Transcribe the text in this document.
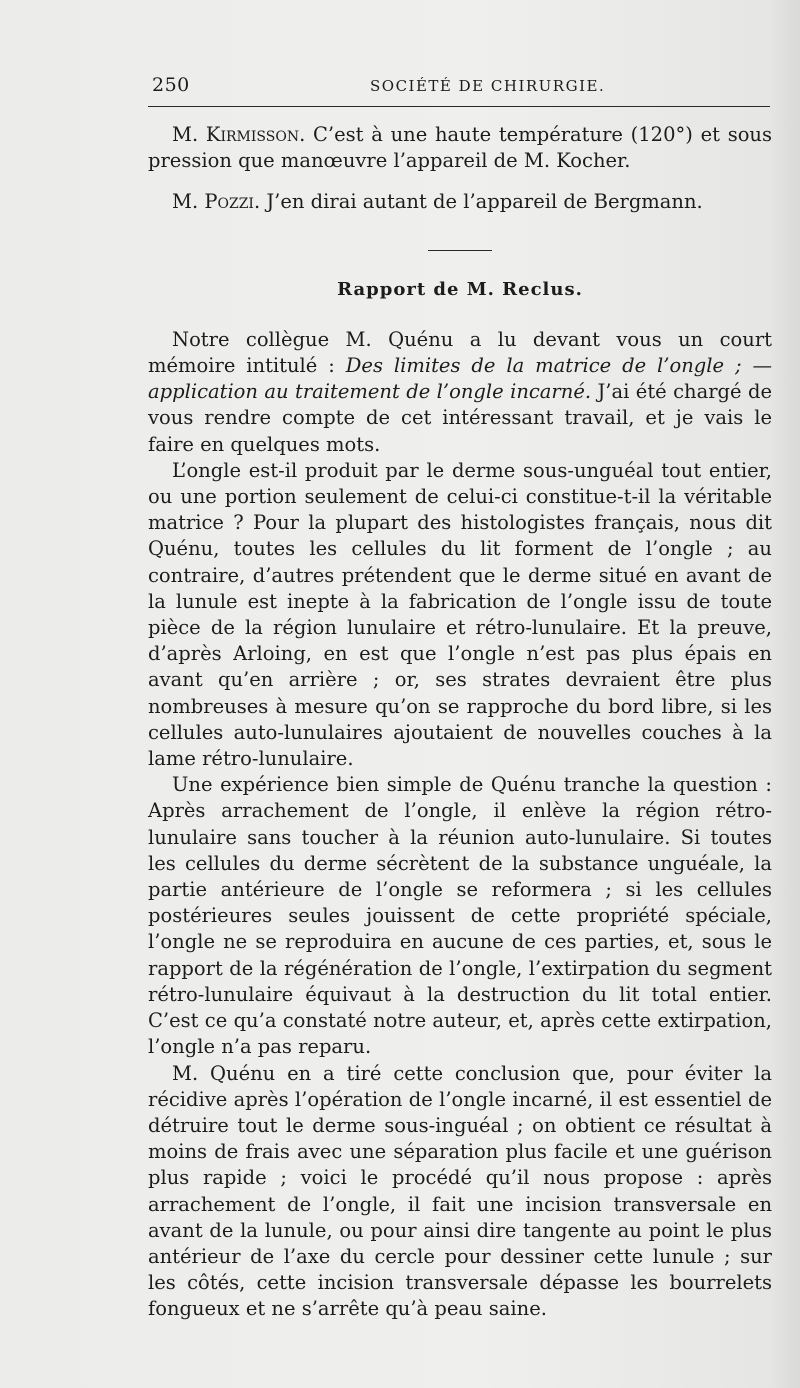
250	SOCIÉTÉ DE CHIRURGIE.

M. Kirmisson. C’est à une haute température (120°) et sous pression que manœuvre l’appareil de M. Kocher.

M. Pozzi. J’en dirai autant de l’appareil de Bergmann.

Rapport de M. Reclus.

Notre collègue M. Quénu a lu devant vous un court mémoire intitulé : Des limites de la matrice de l’ongle ; — application au traitement de l’ongle incarné. J’ai été chargé de vous rendre compte de cet intéressant travail, et je vais le faire en quelques mots.

L’ongle est-il produit par le derme sous-unguéal tout entier, ou une portion seulement de celui-ci constitue-t-il la véritable matrice ? Pour la plupart des histologistes français, nous dit Quénu, toutes les cellules du lit forment de l’ongle ; au contraire, d’autres prétendent que le derme situé en avant de la lunule est inepte à la fabrication de l’ongle issu de toute pièce de la région lunulaire et rétro-lunulaire. Et la preuve, d’après Arloing, en est que l’ongle n’est pas plus épais en avant qu’en arrière ; or, ses strates devraient être plus nombreuses à mesure qu’on se rapproche du bord libre, si les cellules auto-lunulaires ajoutaient de nouvelles couches à la lame rétro-lunulaire.

Une expérience bien simple de Quénu tranche la question : Après arrachement de l’ongle, il enlève la région rétro-lunulaire sans toucher à la réunion auto-lunulaire. Si toutes les cellules du derme sécrètent de la substance unguéale, la partie antérieure de l’ongle se reformera ; si les cellules postérieures seules jouissent de cette propriété spéciale, l’ongle ne se reproduira en aucune de ces parties, et, sous le rapport de la régénération de l’ongle, l’extirpation du segment rétro-lunulaire équivaut à la destruction du lit total entier. C’est ce qu’a constaté notre auteur, et, après cette extirpation, l’ongle n’a pas reparu.

M. Quénu en a tiré cette conclusion que, pour éviter la récidive après l’opération de l’ongle incarné, il est essentiel de détruire tout le derme sous-inguéal ; on obtient ce résultat à moins de frais avec une séparation plus facile et une guérison plus rapide ; voici le procédé qu’il nous propose : après arrachement de l’ongle, il fait une incision transversale en avant de la lunule, ou pour ainsi dire tangente au point le plus antérieur de l’axe du cercle pour dessiner cette lunule ; sur les côtés, cette incision transversale dépasse les bourrelets fongueux et ne s’arrête qu’à peau saine.
